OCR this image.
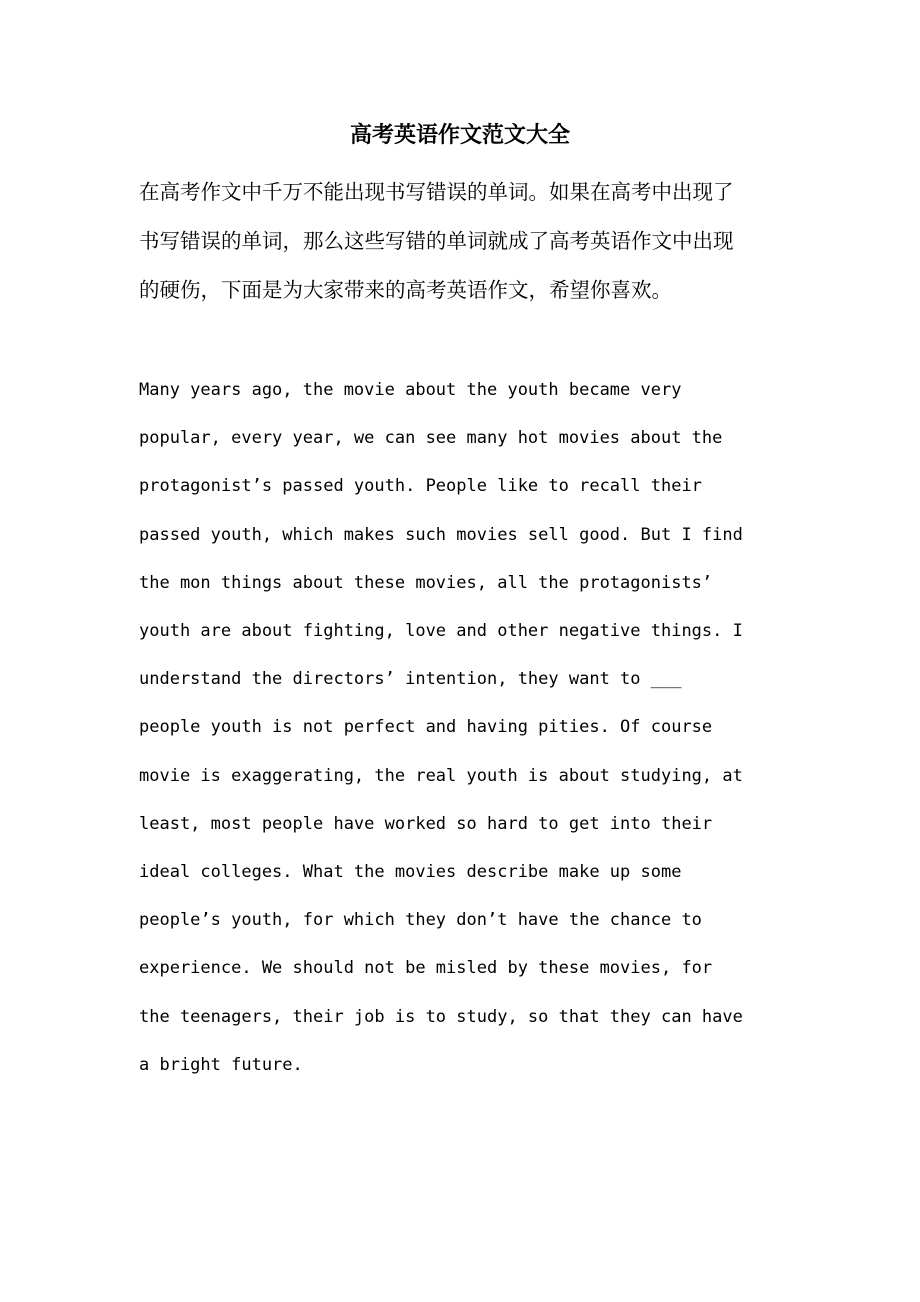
高考英语作文范文大全
在高考作文中千万不能出现书写错误的单词。如果在高考中出现了
书写错误的单词，那么这些写错的单词就成了高考英语作文中出现
的硬伤，下面是为大家带来的高考英语作文，希望你喜欢。
Many years ago, the movie about the youth became very
popular, every year, we can see many hot movies about the
protagonist’s passed youth. People like to recall their
passed youth, which makes such movies sell good. But I find
the mon things about these movies, all the protagonists’
youth are about fighting, love and other negative things. I
understand the directors’ intention, they want to ___
people youth is not perfect and having pities. Of course
movie is exaggerating, the real youth is about studying, at
least, most people have worked so hard to get into their
ideal colleges. What the movies describe make up some
people’s youth, for which they don’t have the chance to
experience. We should not be misled by these movies, for
the teenagers, their job is to study, so that they can have
a bright future.
